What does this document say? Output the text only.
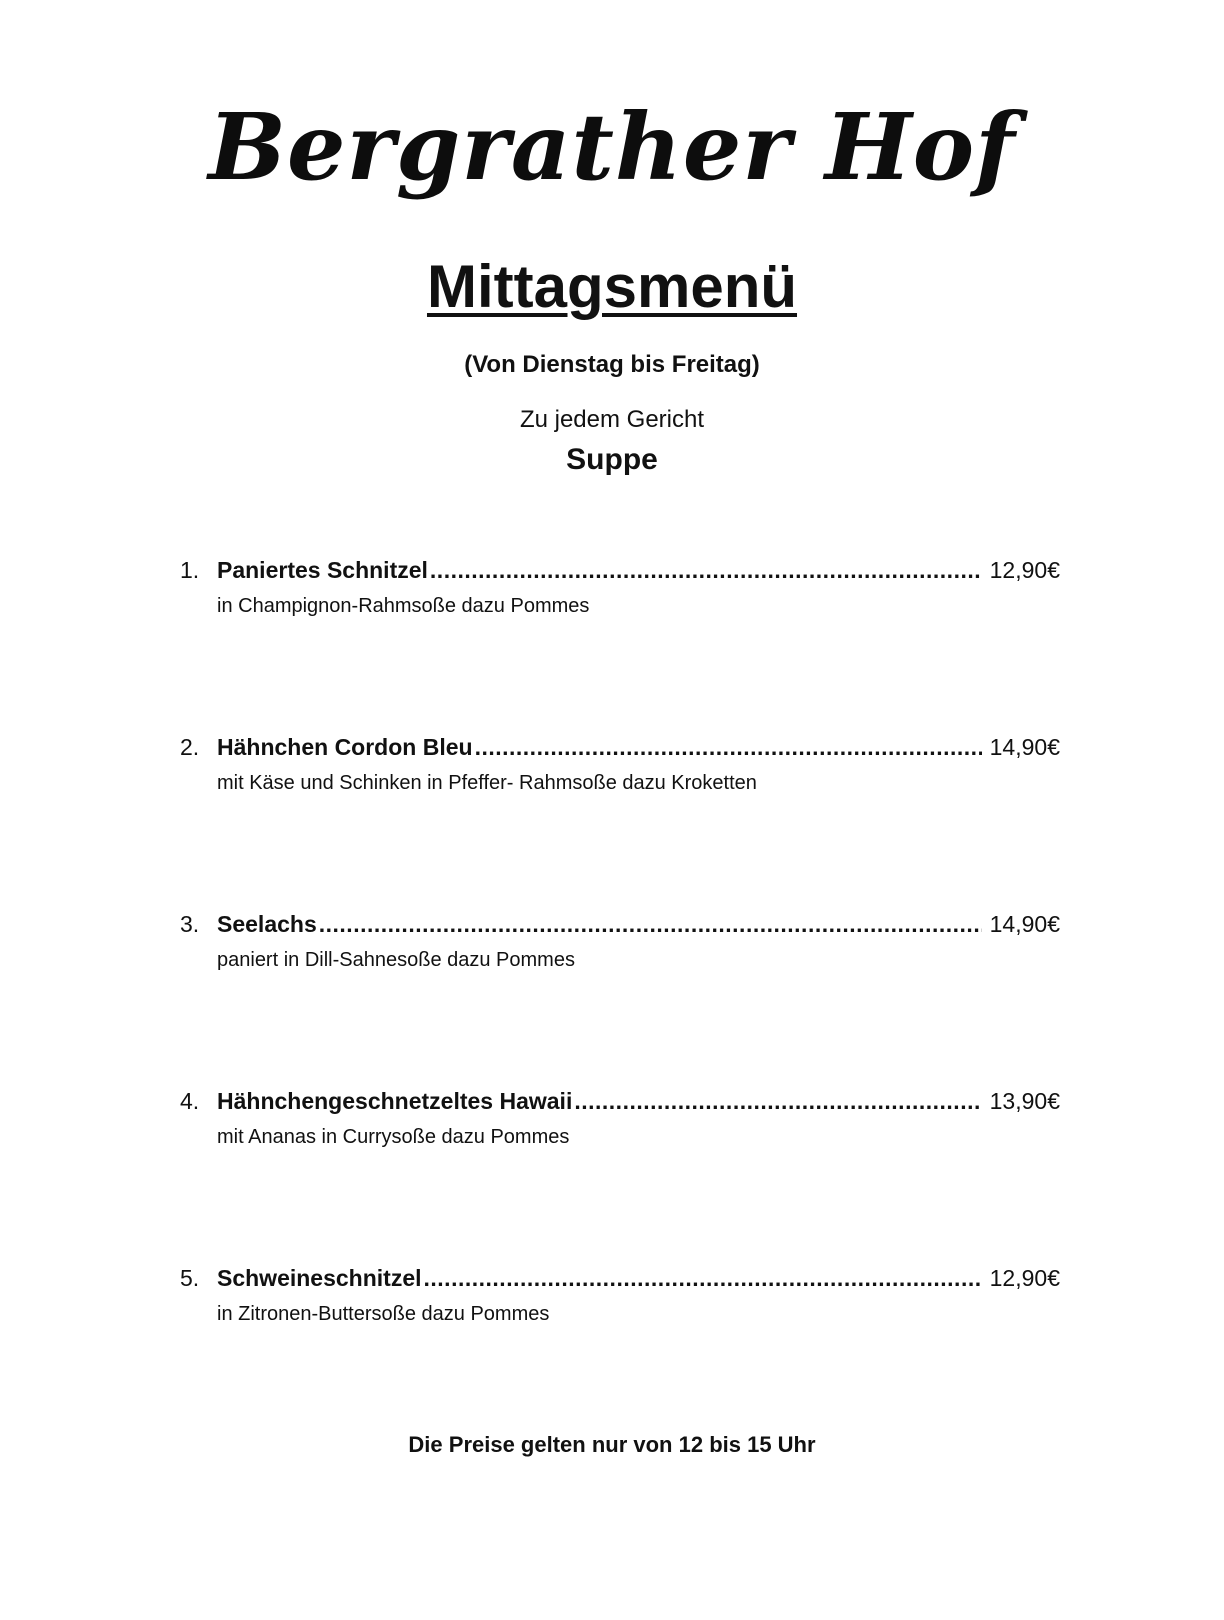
Bergrather Hof
Mittagsmenü
(Von Dienstag bis Freitag)
Zu jedem Gericht
Suppe
1. Paniertes Schnitzel .....	12,90€
in Champignon-Rahmsoße dazu Pommes
2. Hähnchen Cordon Bleu .....	14,90€
mit Käse und Schinken in Pfeffer- Rahmsoße dazu Kroketten
3. Seelachs .....	14,90€
paniert in Dill-Sahnesoße dazu Pommes
4. Hähnchengeschnetzeltes Hawaii .....	13,90€
mit Ananas in Currysoße dazu Pommes
5. Schweineschnitzel .....	12,90€
in Zitronen-Buttersoße dazu Pommes
Die Preise gelten nur von 12 bis 15 Uhr
